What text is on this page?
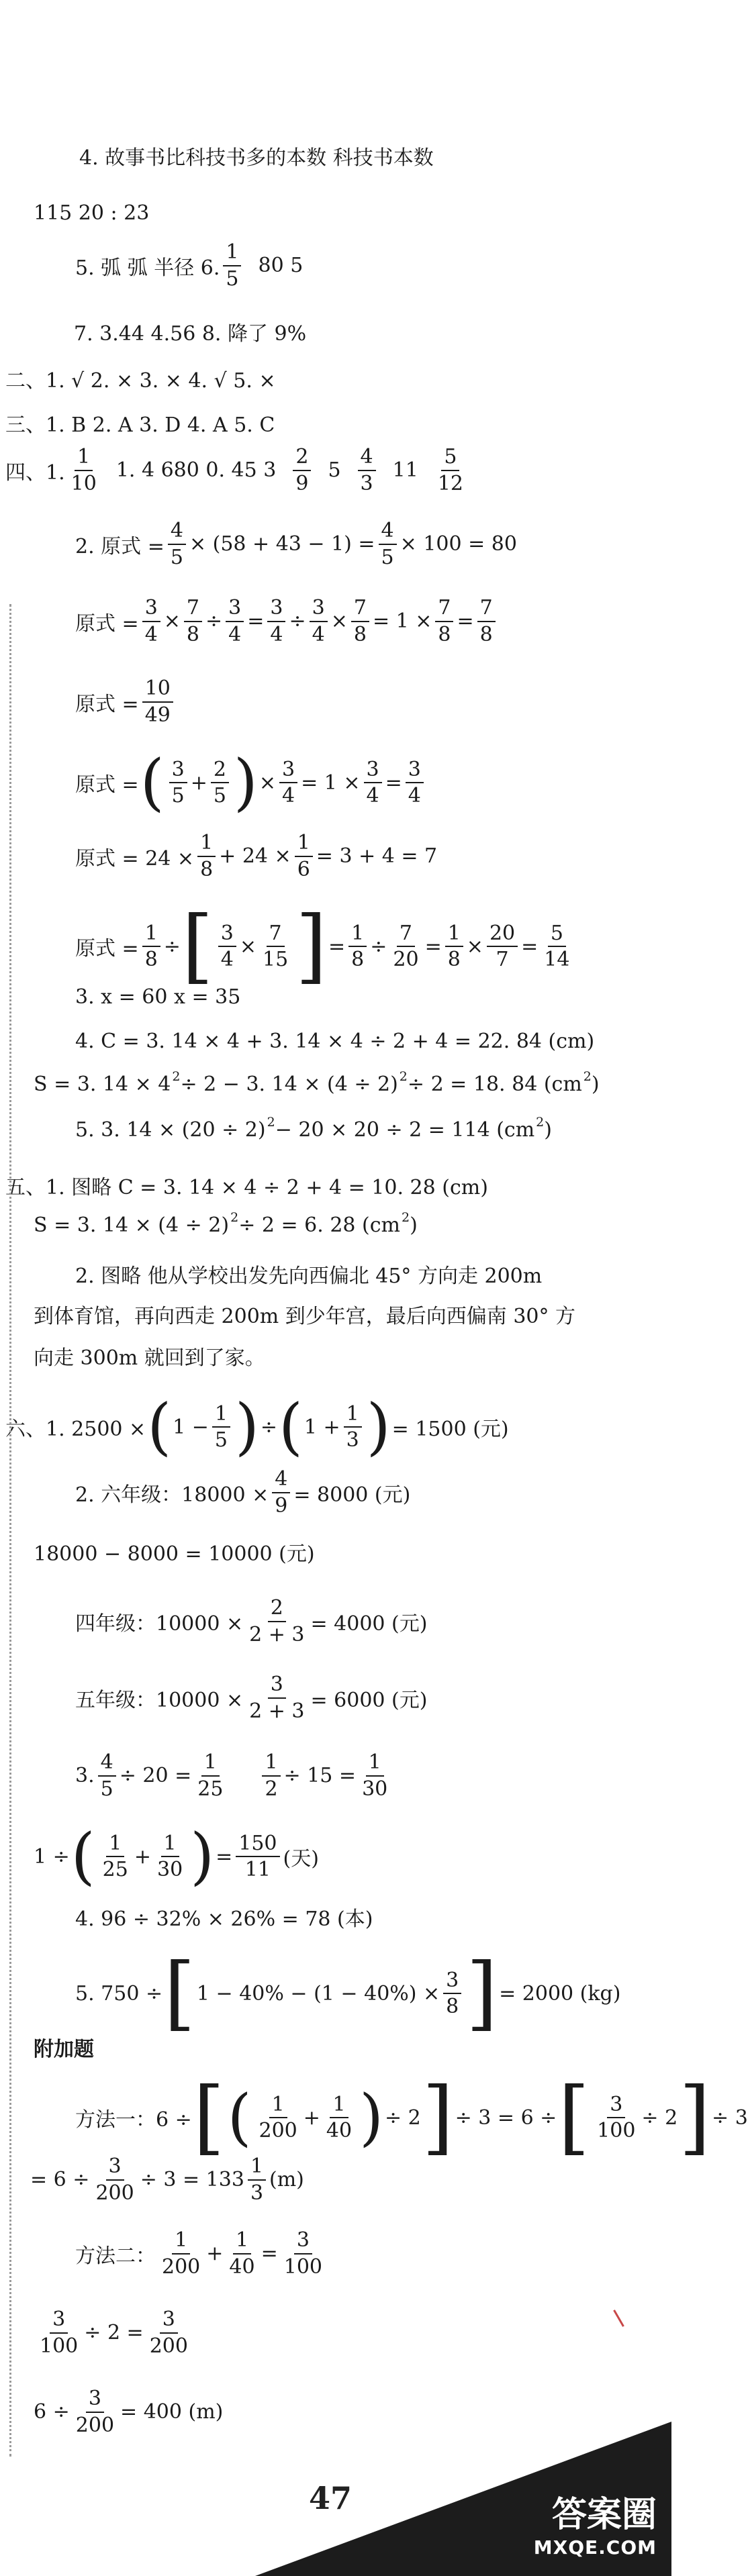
4. 故事书比科技书多的本数 科技书本数
115 20 : 23
5. 弧 弧 半径 6. $\frac{1}{5} 80$ 5
7. 3.44 4.56 8. 降了 9%
二、1. √ 2. × 3. × 4. √ 5. ×
三、1. B 2. A 3. D 4. A 5. C
四、1. $\frac{1}{10} 1$. 4 680 0. 45 $3 \frac{2}{9} 5 \frac{4}{3} 11 \frac{5}{12}$
2. 原式 = $\frac{4}{5} \times (58 + 43 - 1) = \frac{4}{5} \times 100 = 80$
原式 = $\frac{3}{4} \times \frac{7}{8} \div \frac{3}{4} = \frac{3}{4} \div \frac{3}{4} \times \frac{7}{8} = 1 \times \frac{7}{8} = \frac{7}{8}$
原式 = $\frac{10}{49}$
原式 = ( $\frac{3}{5} + \frac{2}{5}$ ) × $\frac{3}{4} = 1 \times \frac{3}{4} = \frac{3}{4}$
原式 = $24 \times \frac{1}{8} + 24 \times \frac{1}{6} = 3 + 4 = 7$
原式 = $\frac{1}{8}$ ÷ [ $\frac{3}{4} \times \frac{7}{15}$ ] = $\frac{1}{8} \div \frac{7}{20} = \frac{1}{8} \times \frac{20}{7} = \frac{5}{14}$
3. x = 60 x = 35
4. C = 3. 14 × 4 + 3. 14 × 4 ÷ 2 + 4 = 22. 84 (cm)
S = 3. 14 × 4 2 ÷ 2 − 3. 14 × (4 ÷ 2) 2 ÷ 2 = 18. 84 (cm 2 )
5. 3. 14 × (20 ÷ 2) 2 − 20 × 20 ÷ 2 = 114 (cm 2 )
五、1. 图略 C = 3. 14 × 4 ÷ 2 + 4 = 10. 28 (cm)
S = 3. 14 × (4 ÷ 2) 2 ÷ 2 = 6. 28 (cm 2 )
2. 图略 他从学校出发先向西偏北 45° 方向走 200m
到体育馆，再向西走 200m 到少年宫，最后向西偏南 30° 方
向走 300m 就回到了家。
六、1. 2500 × ( $1 - \frac{1}{5}$ ) ÷ ( $1 + \frac{1}{3}$ ) = 1500 (元)
2. 六年级：$18000 \times \frac{4}{9} = 8000$ (元)
18000 − 8000 = 10000 (元)
四年级：$10000 \times \frac{2}{2 + 3} = 4000$ (元)
五年级：$10000 \times \frac{3}{2 + 3} = 6000$ (元)
3. $\frac{4}{5} \div 20 = \frac{1}{25} \frac{1}{2} \div 15 = \frac{1}{30}$
1 ÷ ( $\frac{1}{25} + \frac{1}{30}$ ) = $\frac{150}{11}$ (天)
4. 96 ÷ 32% × 26% = 78 (本)
5. 750 ÷ [ $1 - 40\% - (1 - 40\%) \times \frac{3}{8}$ ] = 2000 (kg)
附加题
方法一：6 ÷ [ ( $\frac{1}{200} + \frac{1}{40}$ ) ÷ 2 ] ÷ 3 = 6 ÷ [ $\frac{3}{100} \div 2$ ] ÷ 3
= $6 \div \frac{3}{200} \div 3 = 133 \frac{1}{3} (m)$
方法二： $\frac{1}{200} + \frac{1}{40} = \frac{3}{100}$
$\frac{3}{100} \div 2 = \frac{3}{200}$
$6 \div \frac{3}{200} = 400$ (m)
47	答案圈
MXQE.COM
